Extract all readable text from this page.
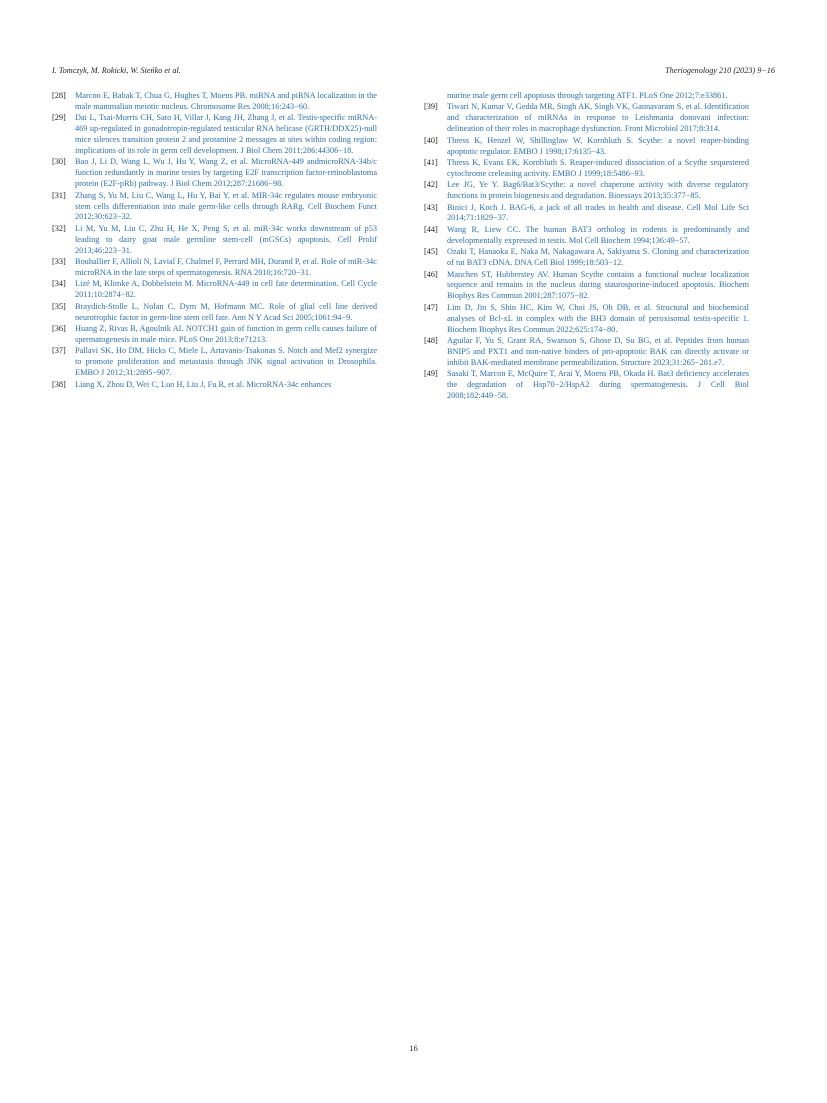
I. Tomczyk, M. Rokicki, W. Sieńko et al.	Theriogenology 210 (2023) 9−16
[28] Marcon E, Babak T, Chua G, Hughes T, Moens PB. miRNA and piRNA localization in the male mammalian meiotic nucleus. Chromosome Res 2008;16:243−60.
[29] Dai L, Tsai-Morris CH, Sato H, Villar J, Kang JH, Zhang J, et al. Testis-specific miRNA-469 up-regulated in gonadotropin-regulated testicular RNA helicase (GRTH/DDX25)-null mice silences transition protein 2 and protamine 2 messages at sites within coding region: implications of its role in germ cell development. J Biol Chem 2011;286:44306−18.
[30] Bao J, Li D, Wang L, Wu J, Hu Y, Wang Z, et al. MicroRNA-449 andmicroRNA-34b/c function redundantly in murine testes by targeting E2F transcription factor-retinoblastoma protein (E2F-pRb) pathway. J Biol Chem 2012;287:21686−98.
[31] Zhang S, Yu M, Liu C, Wang L, Hu Y, Bai Y, et al. MIR-34c regulates mouse embryonic stem cells differentiation into male germ-like cells through RARg. Cell Biochem Funct 2012;30:623−32.
[32] Li M, Yu M, Liu C, Zhu H, He X, Peng S, et al. miR-34c works downstream of p53 leading to dairy goat male germline stem-cell (mGSCs) apoptosis. Cell Prolif 2013;46:223−31.
[33] Bouhallier F, Allioli N, Lavial F, Chalmel F, Perrard MH, Durand P, et al. Role of miR-34c microRNA in the late steps of spermatogenesis. RNA 2010;16:720−31.
[34] Lizé M, Klimke A, Dobbelstein M. MicroRNA-449 in cell fate determination. Cell Cycle 2011;10:2874−82.
[35] Braydich-Stolle L, Nolan C, Dym M, Hofmann MC. Role of glial cell line derived neurotrophic factor in germ-line stem cell fate. Ann N Y Acad Sci 2005;1061:94−9.
[36] Huang Z, Rivas B, Agoulnik AI. NOTCH1 gain of function in germ cells causes failure of spermatogenesis in male mice. PLoS One 2013;8:e71213.
[37] Pallavi SK, Ho DM, Hicks C, Miele L, Artavanis-Tsakonas S. Notch and Mef2 synergize to promote proliferation and metastasis through JNK signal activation in Drosophila. EMBO J 2012;31:2895−907.
[38] Liang X, Zhou D, Wei C, Luo H, Liu J, Fu R, et al. MicroRNA-34c enhances
murine male germ cell apoptosis through targeting ATF1. PLoS One 2012;7:e33861.
[39] Tiwari N, Kumar V, Gedda MR, Singh AK, Singh VK, Gannavaram S, et al. Identification and characterization of miRNAs in response to Leishmania donovani infection: delineation of their roles in macrophage dysfunction. Front Microbiol 2017;8:314.
[40] Thress K, Henzel W, Shillinglaw W, Kornbluth S. Scythe: a novel reaper-binding apoptotic regulator. EMBO J 1998;17:6135−43.
[41] Thress K, Evans EK, Kornbluth S. Reaper-induced dissociation of a Scythe sequestered cytochrome creleasing activity. EMBO J 1999;18:5486−93.
[42] Lee JG, Ye Y. Bag6/Bat3/Scythe: a novel chaperone activity with diverse regulatory functions in protein biogenesis and degradation. Bioessays 2013;35:377−85.
[43] Binici J, Koch J. BAG-6, a jack of all trades in health and disease. Cell Mol Life Sci 2014;71:1829−37.
[44] Wang R, Liew CC. The human BAT3 ortholog in rodents is predominantly and developmentally expressed in testis. Mol Cell Biochem 1994;136:49−57.
[45] Ozaki T, Hanaoka E, Naka M, Nakagawara A, Sakiyama S. Cloning and characterization of rat BAT3 cDNA. DNA Cell Biol 1999;18:503−12.
[46] Manchen ST, Hubberstey AV. Human Scythe contains a functional nuclear localization sequence and remains in the nucleus during staurosporine-induced apoptosis. Biochem Biophys Res Commun 2001;287:1075−82.
[47] Lim D, Jin S, Shin HC, Kim W, Choi JS, Oh DB, et al. Structural and biochemical analyses of Bcl-xL in complex with the BH3 domain of peroxisomal testis-specific 1. Biochem Biophys Res Commun 2022;625:174−80.
[48] Aguilar F, Yu S, Grant RA, Swanson S, Ghose D, Su BG, et al. Peptides from human BNIP5 and PXT1 and non-native binders of pro-apoptotic BAK can directly activate or inhibit BAK-mediated membrane permeabilization. Structure 2023;31:265−281.e7.
[49] Sasaki T, Marcon E, McQuire T, Arai Y, Moens PB, Okada H. Bat3 deficiency accelerates the degradation of Hsp70−2/HspA2 during spermatogenesis. J Cell Biol 2008;182:449−58.
16
